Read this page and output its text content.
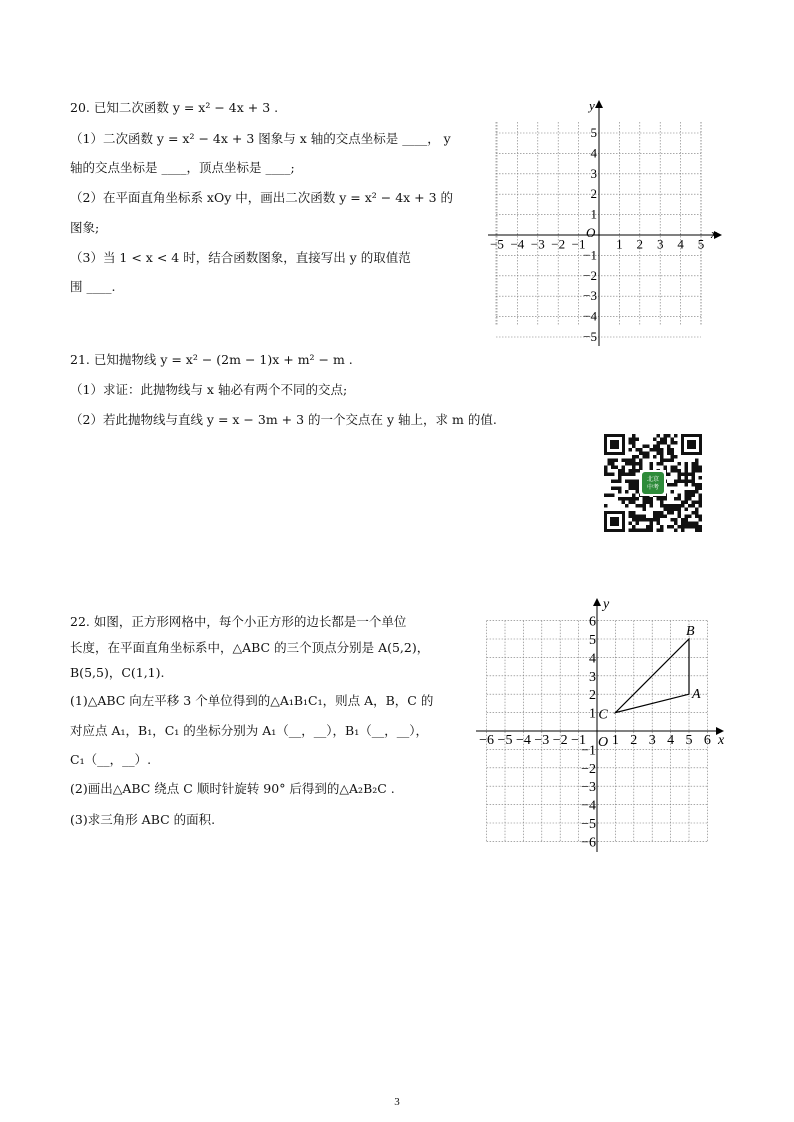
20. 已知二次函数 y = x² − 4x + 3 .
（1）二次函数 y = x² − 4x + 3 图象与 x 轴的交点坐标是 ____， y
轴的交点坐标是 ____，顶点坐标是 ____;
（2）在平面直角坐标系 xOy 中，画出二次函数 y = x² − 4x + 3 的
图象;
（3）当 1 < x < 4 时，结合函数图象，直接写出 y 的取值范
围 ____.
x
y
O
−5 −4 −3 −2 −1 1 2 3 4 5
5
4
3
2
1
−1
−2
−3
−4
−5
21. 已知抛物线 y = x² − (2m − 1)x + m² − m .
（1）求证：此抛物线与 x 轴必有两个不同的交点;
（2）若此抛物线与直线 y = x − 3m + 3 的一个交点在 y 轴上，求 m 的值.
北京
中考
22. 如图，正方形网格中，每个小正方形的边长都是一个单位
长度，在平面直角坐标系中，△ABC 的三个顶点分别是 A(5,2)，
B(5,5)，C(1,1).
(1)△ABC 向左平移 3 个单位得到的△A₁B₁C₁，则点 A，B，C 的
对应点 A₁，B₁，C₁ 的坐标分别为 A₁（__，__），B₁（__，__），
C₁（__，__）.
(2)画出△ABC 绕点 C 顺时针旋转 90° 后得到的△A₂B₂C .
(3)求三角形 ABC 的面积.
x
y
O
−6 −5 −4 −3 −2 −1 1 2 3 4 5 6
6
5
4
3
2
1
−1
−2
−3
−4
−5
−6
A
B
C
3
